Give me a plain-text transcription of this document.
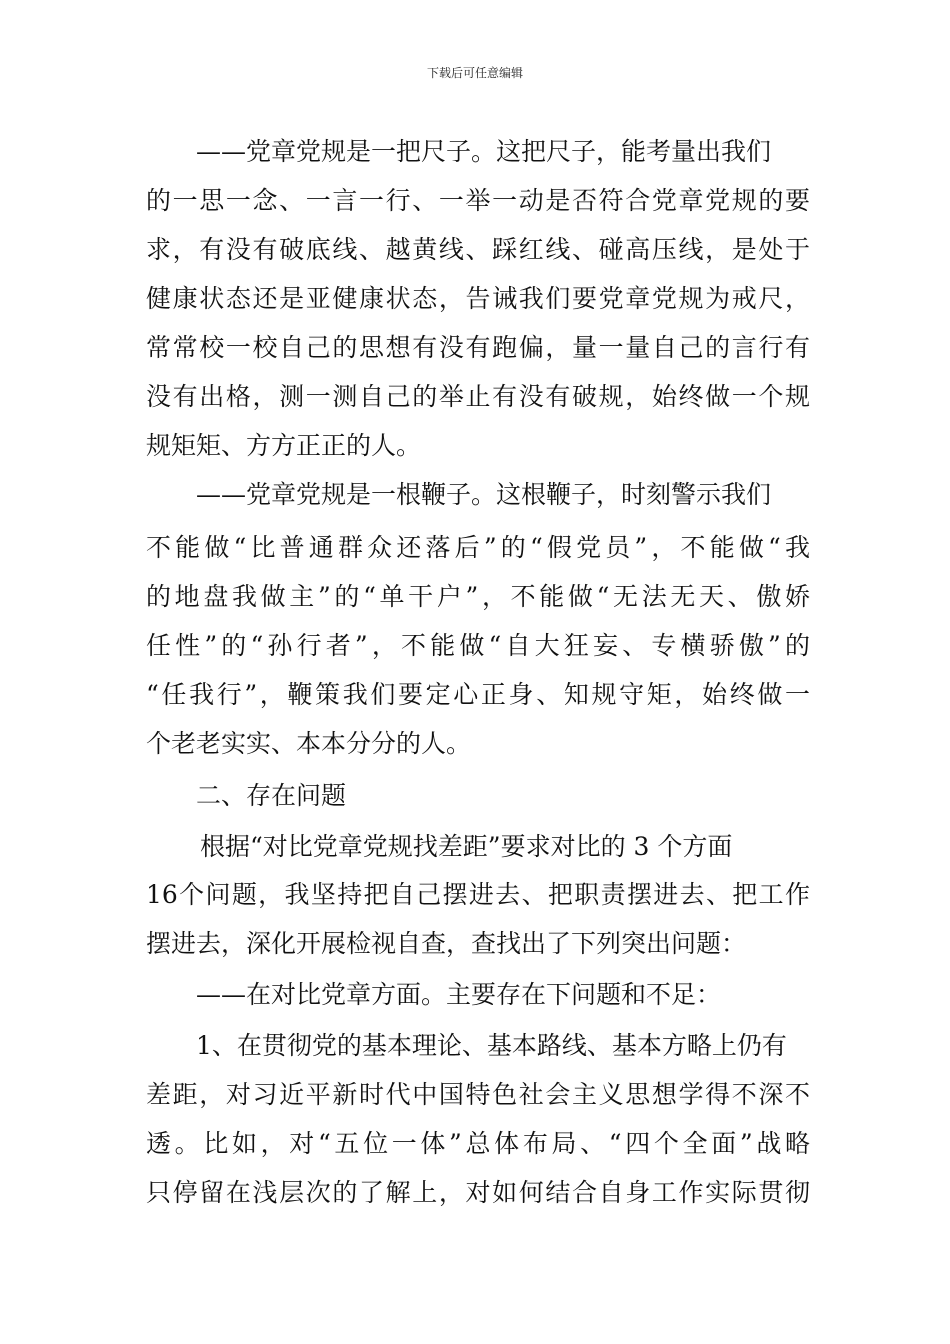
下载后可任意编辑
——党章党规是一把尺子。这把尺子，能考量出我们
的一思一念、一言一行、一举一动是否符合党章党规的要
求，有没有破底线、越黄线、踩红线、碰高压线，是处于
健康状态还是亚健康状态，告诫我们要党章党规为戒尺，
常常校一校自己的思想有没有跑偏，量一量自己的言行有
没有出格，测一测自己的举止有没有破规，始终做一个规
规矩矩、方方正正的人。
——党章党规是一根鞭子。这根鞭子，时刻警示我们
不能做“比普通群众还落后”的“假党员”，不能做“我
的地盘我做主”的“单干户”，不能做“无法无天、傲娇
任性”的“孙行者”，不能做“自大狂妄、专横骄傲”的
“任我行”，鞭策我们要定心正身、知规守矩，始终做一
个老老实实、本本分分的人。
二、存在问题
根据“对比党章党规找差距”要求对比的 3 个方面
16个问题，我坚持把自己摆进去、把职责摆进去、把工作
摆进去，深化开展检视自查，查找出了下列突出问题：
——在对比党章方面。主要存在下问题和不足：
1、在贯彻党的基本理论、基本路线、基本方略上仍有
差距，对习近平新时代中国特色社会主义思想学得不深不
透。比如，对“五位一体”总体布局、“四个全面”战略
只停留在浅层次的了解上，对如何结合自身工作实际贯彻
